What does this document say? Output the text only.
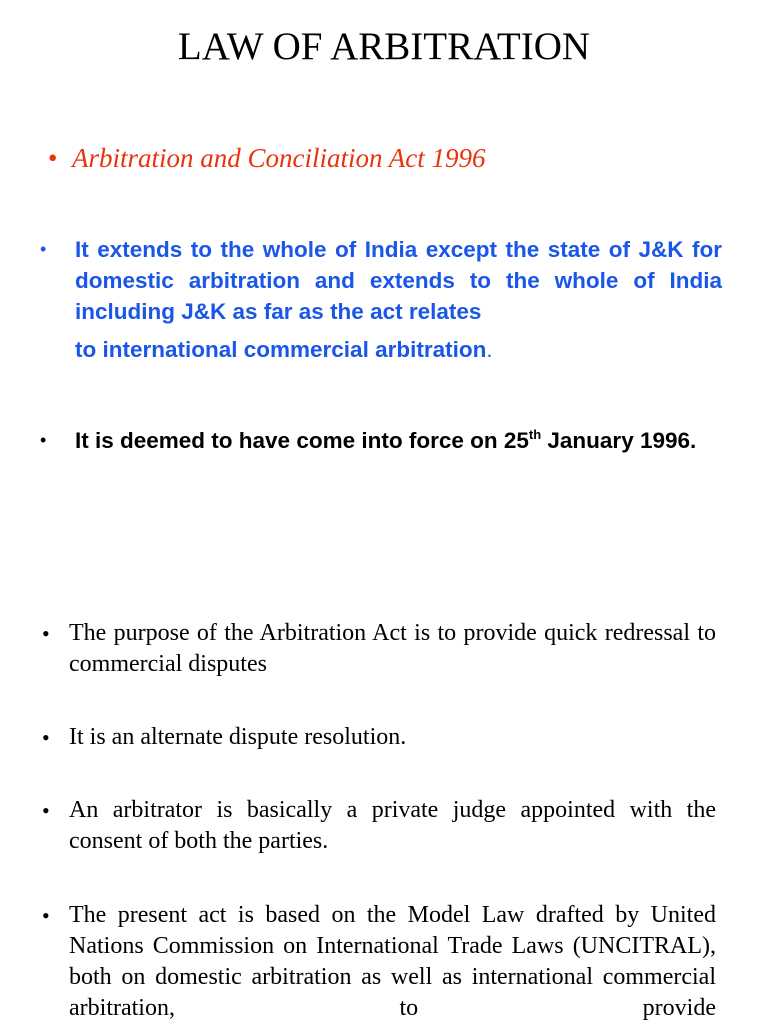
LAW OF ARBITRATION
• Arbitration and Conciliation Act 1996
• It extends to the whole of India except the state of J&K for domestic arbitration and extends to the whole of India including J&K as far as the act relates
to international commercial arbitration.
• It is deemed to have come into force on 25th January 1996.
• The purpose of the Arbitration Act is to provide quick redressal to commercial disputes
• It is an alternate dispute resolution.
• An arbitrator is basically a private judge appointed with the consent of both the parties.
• The present act is based on the Model Law drafted by United Nations Commission on International Trade Laws (UNCITRAL), both on domestic arbitration as well as international commercial arbitration, to provide
